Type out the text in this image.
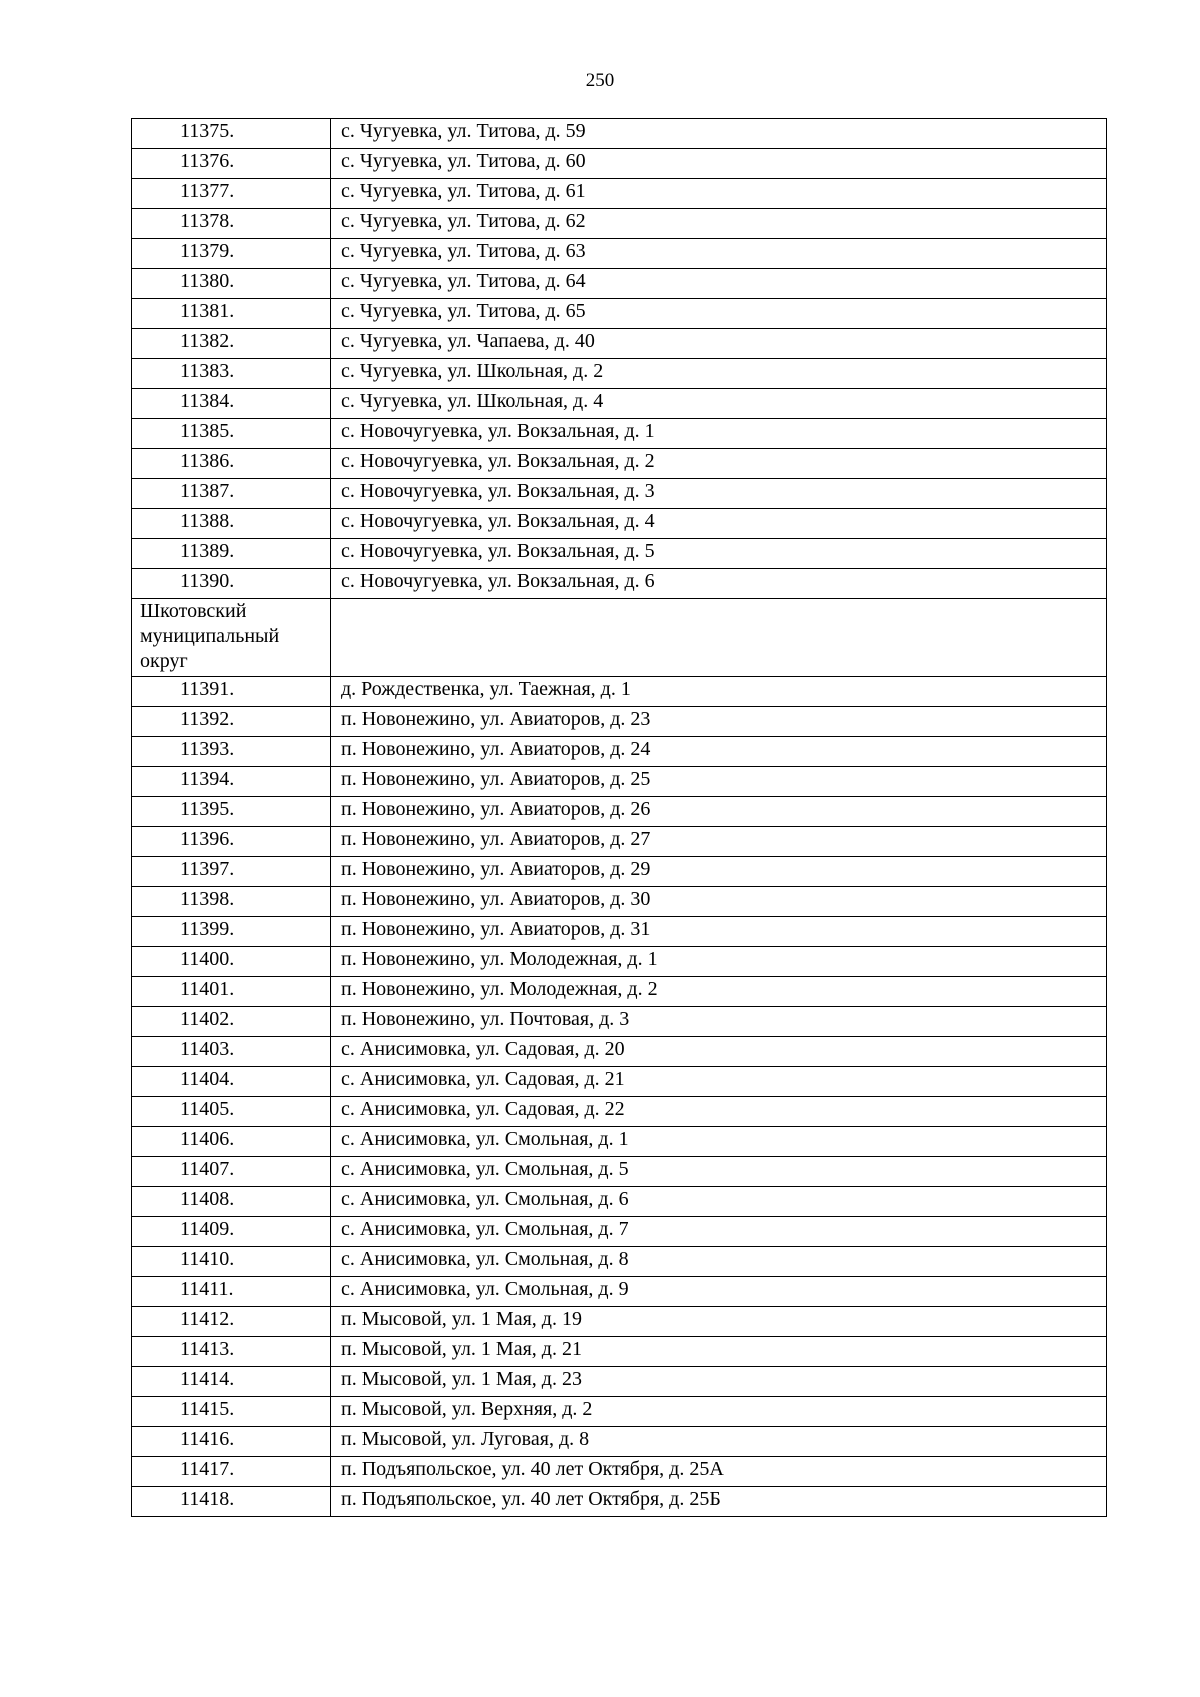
250
11375.	с. Чугуевка, ул. Титова, д. 59
11376.	с. Чугуевка, ул. Титова, д. 60
11377.	с. Чугуевка, ул. Титова, д. 61
11378.	с. Чугуевка, ул. Титова, д. 62
11379.	с. Чугуевка, ул. Титова, д. 63
11380.	с. Чугуевка, ул. Титова, д. 64
11381.	с. Чугуевка, ул. Титова, д. 65
11382.	с. Чугуевка, ул. Чапаева, д. 40
11383.	с. Чугуевка, ул. Школьная, д. 2
11384.	с. Чугуевка, ул. Школьная, д. 4
11385.	с. Новочугуевка, ул. Вокзальная, д. 1
11386.	с. Новочугуевка, ул. Вокзальная, д. 2
11387.	с. Новочугуевка, ул. Вокзальная, д. 3
11388.	с. Новочугуевка, ул. Вокзальная, д. 4
11389.	с. Новочугуевка, ул. Вокзальная, д. 5
11390.	с. Новочугуевка, ул. Вокзальная, д. 6
Шкотовский муниципальный округ	
11391.	д. Рождественка, ул. Таежная, д. 1
11392.	п. Новонежино, ул. Авиаторов, д. 23
11393.	п. Новонежино, ул. Авиаторов, д. 24
11394.	п. Новонежино, ул. Авиаторов, д. 25
11395.	п. Новонежино, ул. Авиаторов, д. 26
11396.	п. Новонежино, ул. Авиаторов, д. 27
11397.	п. Новонежино, ул. Авиаторов, д. 29
11398.	п. Новонежино, ул. Авиаторов, д. 30
11399.	п. Новонежино, ул. Авиаторов, д. 31
11400.	п. Новонежино, ул. Молодежная, д. 1
11401.	п. Новонежино, ул. Молодежная, д. 2
11402.	п. Новонежино, ул. Почтовая, д. 3
11403.	с. Анисимовка, ул. Садовая, д. 20
11404.	с. Анисимовка, ул. Садовая, д. 21
11405.	с. Анисимовка, ул. Садовая, д. 22
11406.	с. Анисимовка, ул. Смольная, д. 1
11407.	с. Анисимовка, ул. Смольная, д. 5
11408.	с. Анисимовка, ул. Смольная, д. 6
11409.	с. Анисимовка, ул. Смольная, д. 7
11410.	с. Анисимовка, ул. Смольная, д. 8
11411.	с. Анисимовка, ул. Смольная, д. 9
11412.	п. Мысовой, ул. 1 Мая, д. 19
11413.	п. Мысовой, ул. 1 Мая, д. 21
11414.	п. Мысовой, ул. 1 Мая, д. 23
11415.	п. Мысовой, ул. Верхняя, д. 2
11416.	п. Мысовой, ул. Луговая, д. 8
11417.	п. Подъяпольское, ул. 40 лет Октября, д. 25А
11418.	п. Подъяпольское, ул. 40 лет Октября, д. 25Б
